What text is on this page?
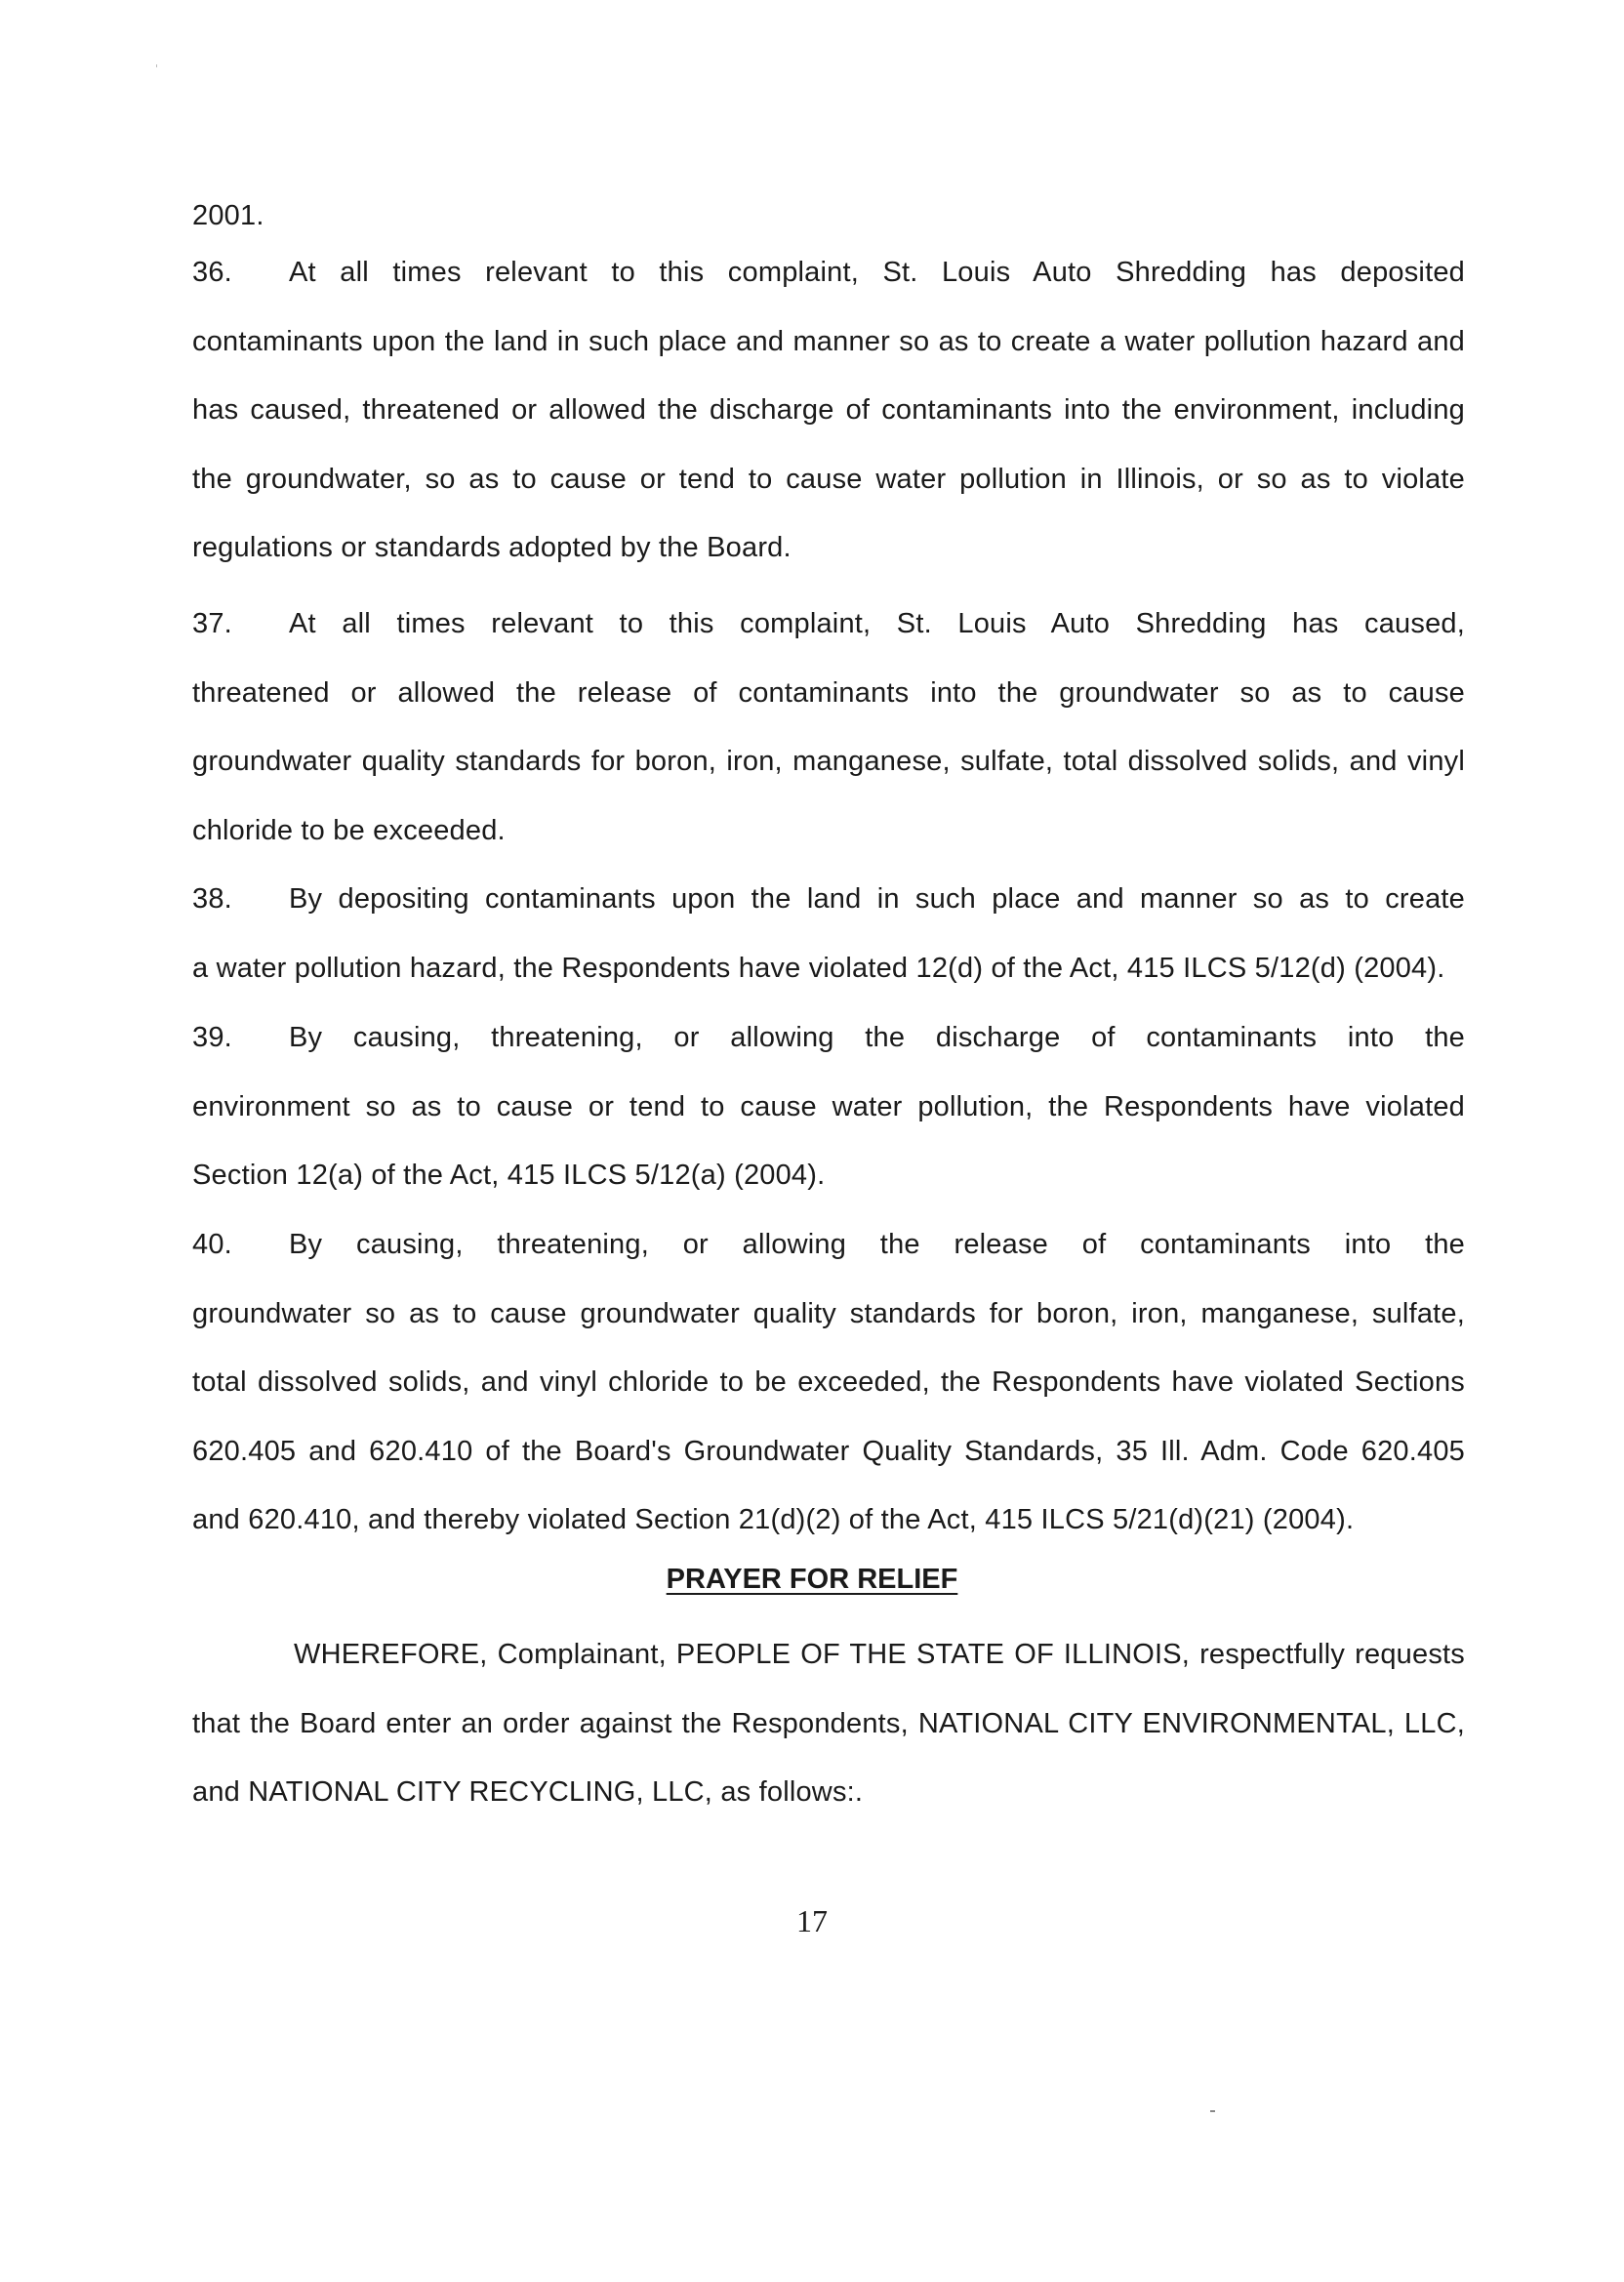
2001.
36. At all times relevant to this complaint, St. Louis Auto Shredding has deposited
contaminants upon the land in such place and manner so as to create a water pollution hazard and
has caused, threatened or allowed the discharge of contaminants into the environment, including
the groundwater, so as to cause or tend to cause water pollution in Illinois, or so as to violate
regulations or standards adopted by the Board.
37. At all times relevant to this complaint, St. Louis Auto Shredding has caused,
threatened or allowed the release of contaminants into the groundwater so as to cause
groundwater quality standards for boron, iron, manganese, sulfate, total dissolved solids, and vinyl
chloride to be exceeded.
38. By depositing contaminants upon the land in such place and manner so as to create
a water pollution hazard, the Respondents have violated 12(d) of the Act, 415 ILCS 5/12(d) (2004).
39. By causing, threatening, or allowing the discharge of contaminants into the
environment so as to cause or tend to cause water pollution, the Respondents have violated
Section 12(a) of the Act, 415 ILCS 5/12(a) (2004).
40. By causing, threatening, or allowing the release of contaminants into the
groundwater so as to cause groundwater quality standards for boron, iron, manganese, sulfate,
total dissolved solids, and vinyl chloride to be exceeded, the Respondents have violated Sections
620.405 and 620.410 of the Board's Groundwater Quality Standards, 35 Ill. Adm. Code 620.405
and 620.410, and thereby violated Section 21(d)(2) of the Act, 415 ILCS 5/21(d)(21) (2004).
PRAYER FOR RELIEF
WHEREFORE, Complainant, PEOPLE OF THE STATE OF ILLINOIS, respectfully requests
that the Board enter an order against the Respondents, NATIONAL CITY ENVIRONMENTAL, LLC,
and NATIONAL CITY RECYCLING, LLC, as follows:.
17
